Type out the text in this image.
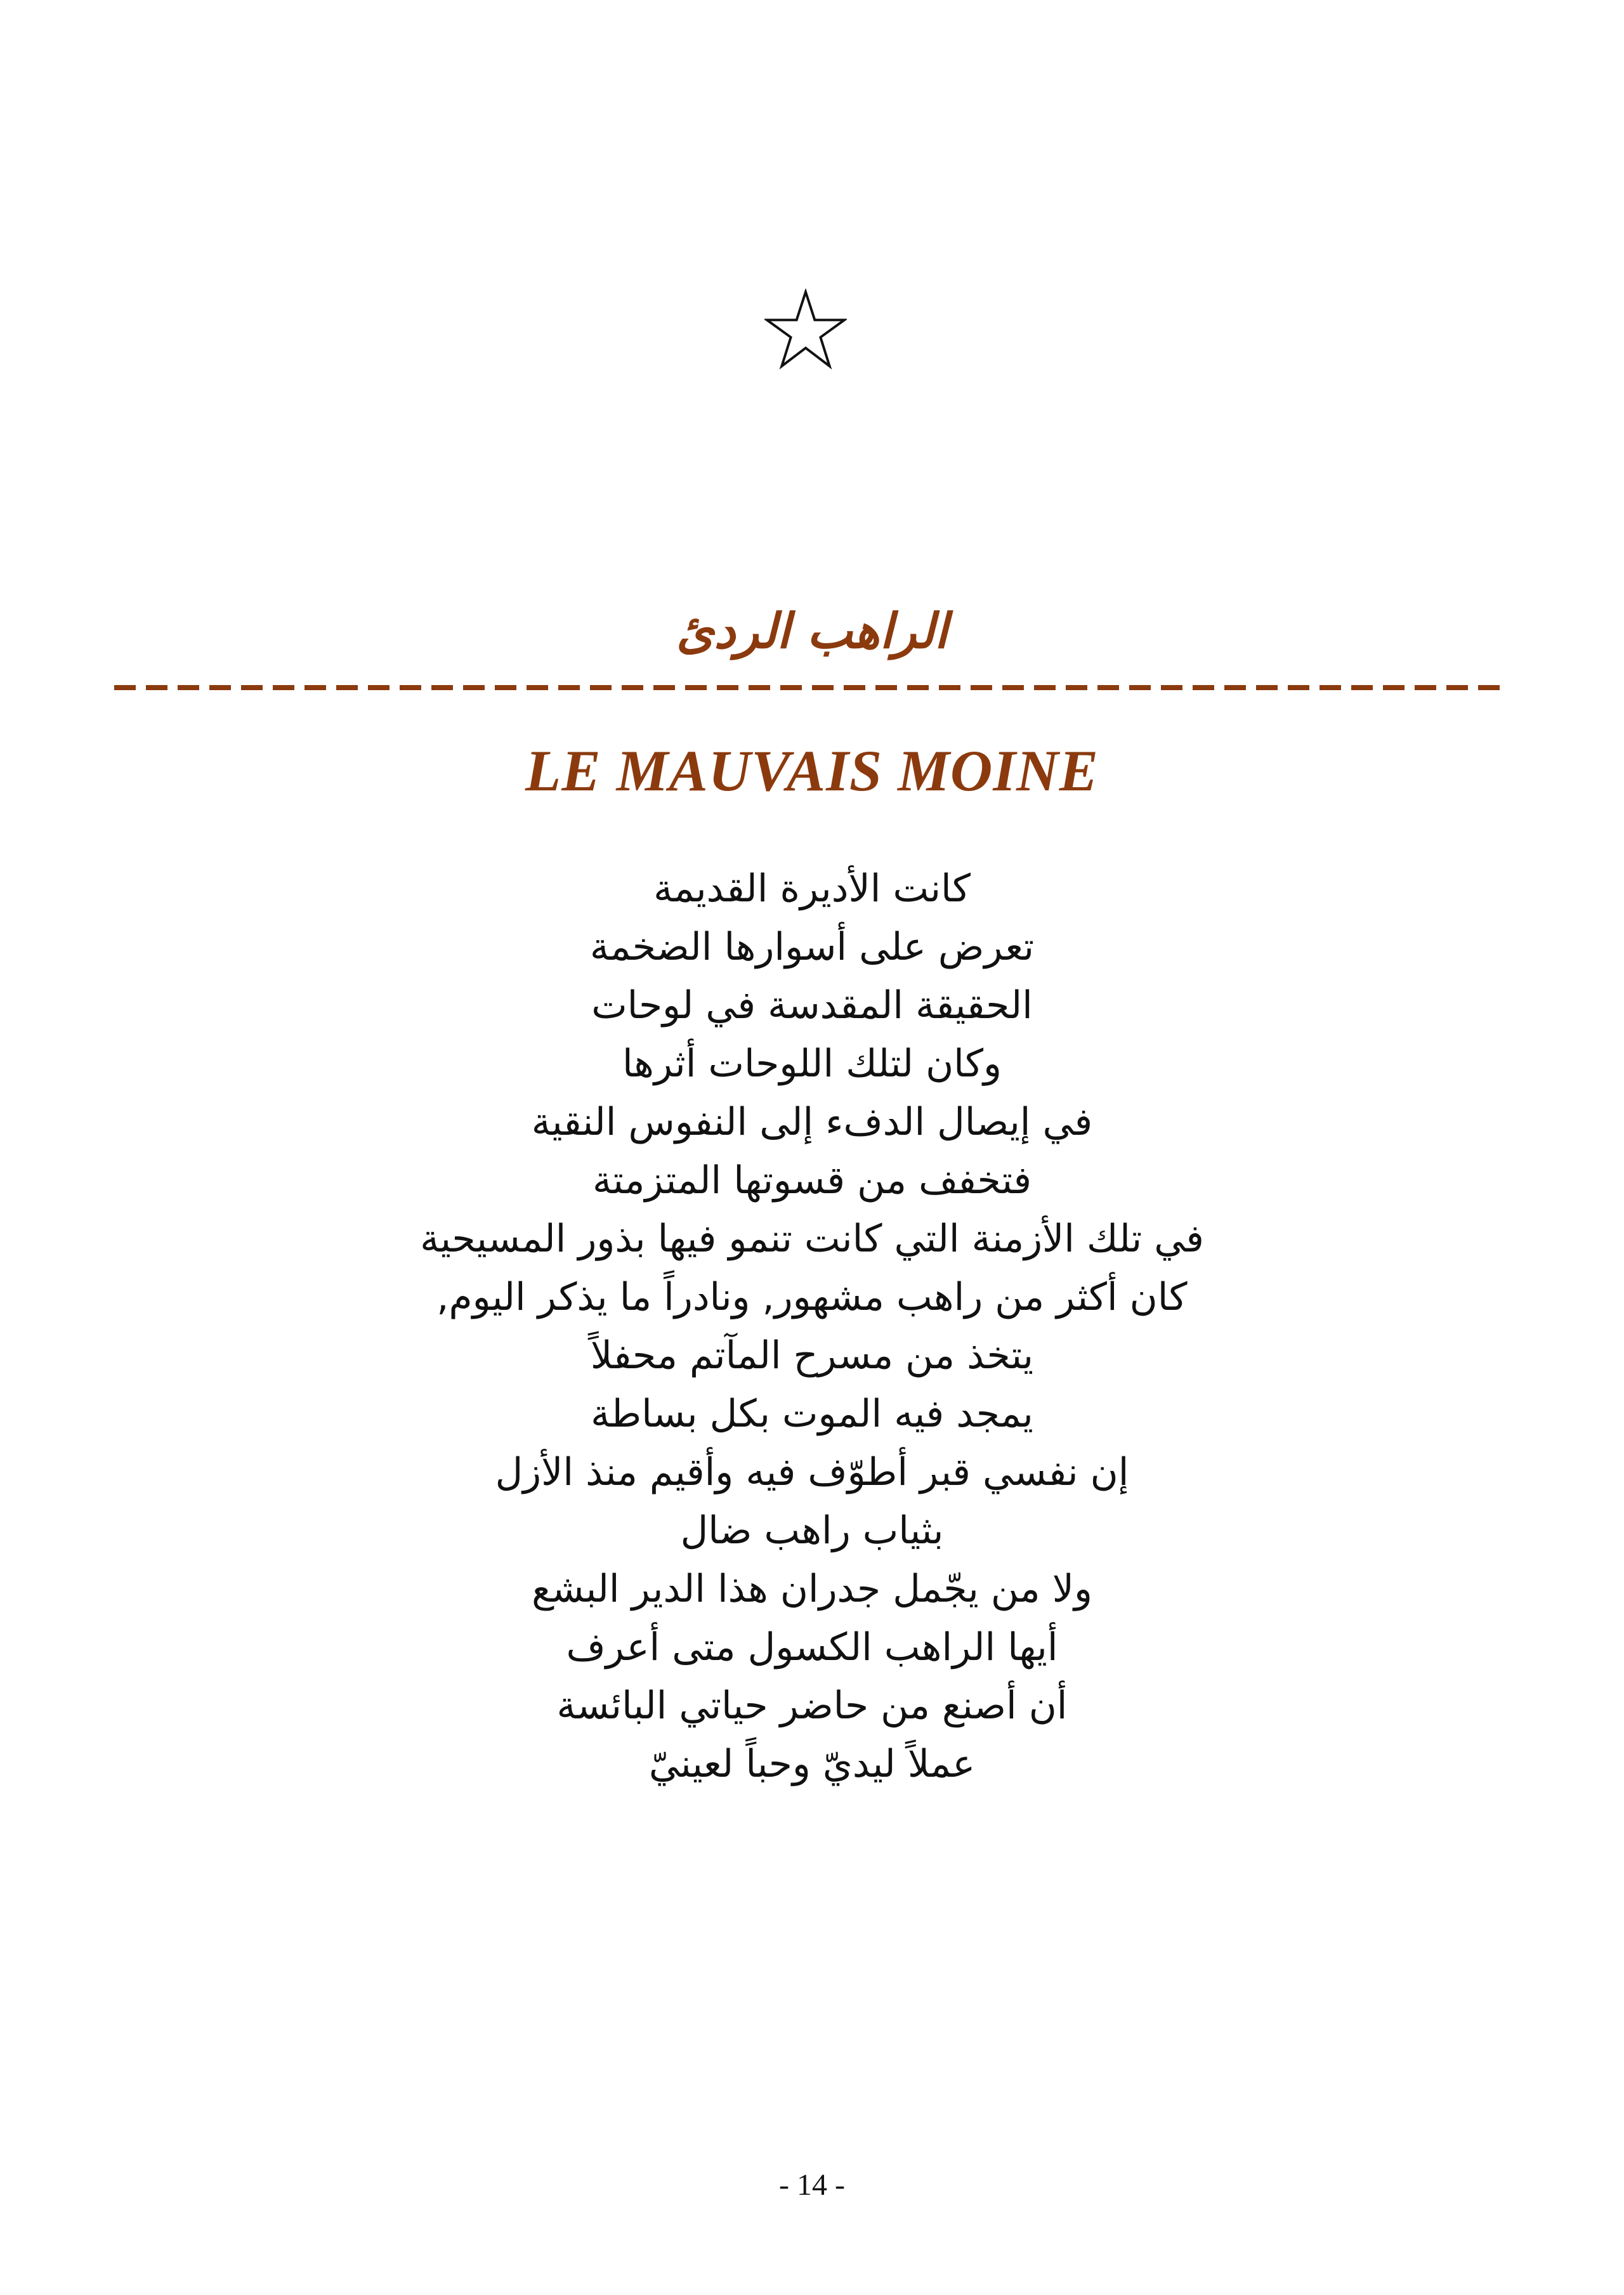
الراهب الردئ
LE MAUVAIS MOINE
كانت الأديرة القديمة
تعرض على أسوارها الضخمة
الحقيقة المقدسة في لوحات
وكان لتلك اللوحات أثرها
في إيصال الدفء إلى النفوس النقية
فتخفف من قسوتها المتزمتة
في تلك الأزمنة التي كانت تنمو فيها بذور المسيحية
كان أكثر من راهب مشهور, ونادراً ما يذكر اليوم,
يتخذ من مسرح المآتم محفلاً
يمجد فيه الموت بكل بساطة
إن نفسي قبر أطوّف فيه وأقيم منذ الأزل
بثياب راهب ضال
ولا من يجّمل جدران هذا الدير البشع
أيها الراهب الكسول متى أعرف
أن أصنع من حاضر حياتي البائسة
عملاً ليديّ وحباً لعينيّ
- 14 -
